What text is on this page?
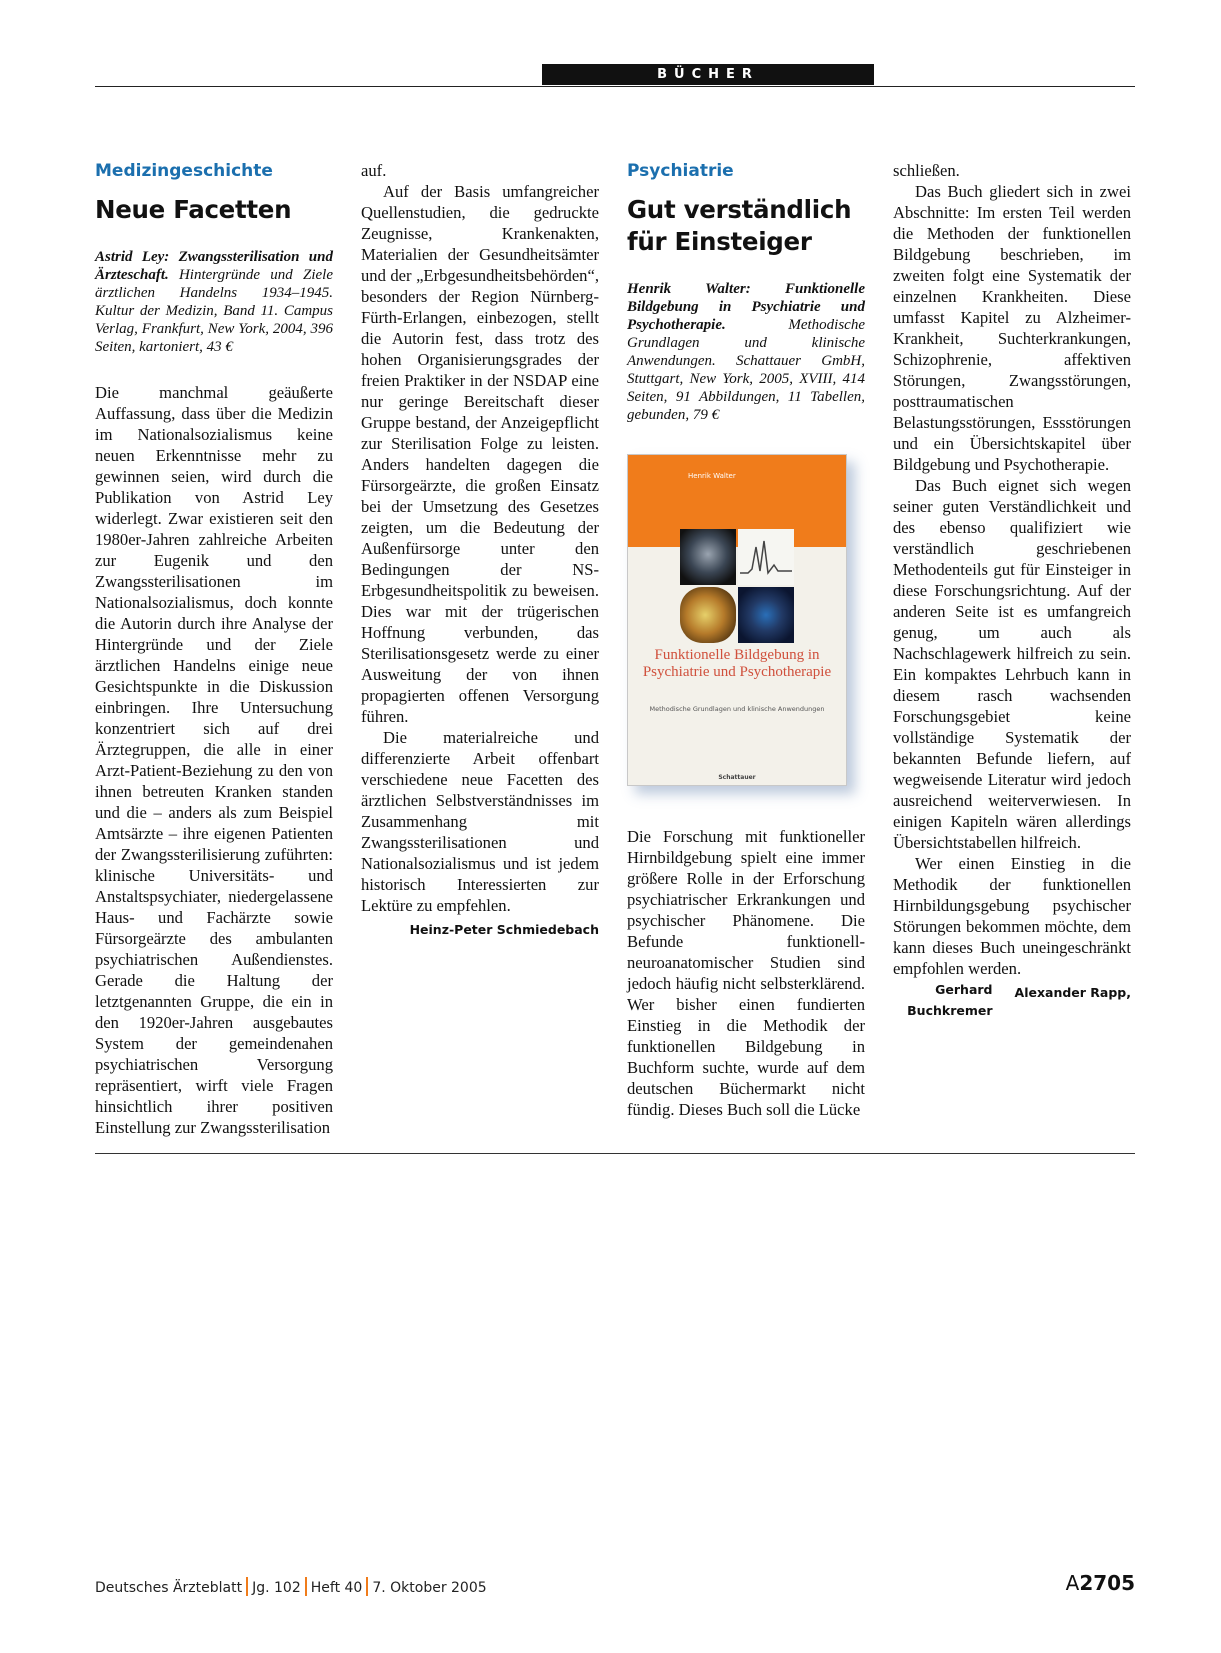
BÜCHER
Medizingeschichte
Neue Facetten
Astrid Ley: Zwangssterilisation und Ärzteschaft. Hintergründe und Ziele ärztlichen Handelns 1934–1945. Kultur der Medizin, Band 11. Campus Verlag, Frankfurt, New York, 2004, 396 Seiten, kartoniert, 43 €

Die manchmal geäußerte Auffassung, dass über die Medizin im Nationalsozialismus keine neuen Erkenntnisse mehr zu gewinnen seien, wird durch die Publikation von Astrid Ley widerlegt. Zwar existieren seit den 1980er-Jahren zahlreiche Arbeiten zur Eugenik und den Zwangssterilisationen im Nationalsozialismus, doch konnte die Autorin durch ihre Analyse der Hintergründe und der Ziele ärztlichen Handelns einige neue Gesichtspunkte in die Diskussion einbringen. Ihre Untersuchung konzentriert sich auf drei Ärztegruppen, die alle in einer Arzt-Patient-Beziehung zu den von ihnen betreuten Kranken standen und die – anders als zum Beispiel Amtsärzte – ihre eigenen Patienten der Zwangssterilisierung zuführten: klinische Universitäts- und Anstaltspsychiater, niedergelassene Haus- und Fachärzte sowie Fürsorgeärzte des ambulanten psychiatrischen Außendienstes. Gerade die Haltung der letztgenannten Gruppe, die ein in den 1920er-Jahren ausgebautes System der gemeindenahen psychiatrischen Versorgung repräsentiert, wirft viele Fragen hinsichtlich ihrer positiven Einstellung zur Zwangssterilisation

auf.

Auf der Basis umfangreicher Quellenstudien, die gedruckte Zeugnisse, Krankenakten, Materialien der Gesundheitsämter und der „Erbgesundheitsbehörden“, besonders der Region Nürnberg-Fürth-Erlangen, einbezogen, stellt die Autorin fest, dass trotz des hohen Organisierungsgrades der freien Praktiker in der NSDAP eine nur geringe Bereitschaft dieser Gruppe bestand, der Anzeigepflicht zur Sterilisation Folge zu leisten. Anders handelten dagegen die Fürsorgeärzte, die großen Einsatz bei der Umsetzung des Gesetzes zeigten, um die Bedeutung der Außenfürsorge unter den Bedingungen der NS-Erbgesundheitspolitik zu beweisen. Dies war mit der trügerischen Hoffnung verbunden, das Sterilisationsgesetz werde zu einer Ausweitung der von ihnen propagierten offenen Versorgung führen.

Die materialreiche und differenzierte Arbeit offenbart verschiedene neue Facetten des ärztlichen Selbstverständnisses im Zusammenhang mit Zwangssterilisationen und Nationalsozialismus und ist jedem historisch Interessierten zur Lektüre zu empfehlen.
Heinz-Peter Schmiedebach

Psychiatrie
Gut verständlich für Einsteiger
Henrik Walter: Funktionelle Bildgebung in Psychiatrie und Psychotherapie. Methodische Grundlagen und klinische Anwendungen. Schattauer GmbH, Stuttgart, New York, 2005, XVIII, 414 Seiten, 91 Abbildungen, 11 Tabellen, gebunden, 79 €
Henrik Walter
Funktionelle Bildgebung in Psychiatrie und Psychotherapie
Methodische Grundlagen und klinische Anwendungen
Schattauer

Die Forschung mit funktioneller Hirnbildgebung spielt eine immer größere Rolle in der Erforschung psychiatrischer Erkrankungen und psychischer Phänomene. Die Befunde funktionell-neuroanatomischer Studien sind jedoch häufig nicht selbsterklärend. Wer bisher einen fundierten Einstieg in die Methodik der funktionellen Bildgebung in Buchform suchte, wurde auf dem deutschen Büchermarkt nicht fündig. Dieses Buch soll die Lücke

schließen.

Das Buch gliedert sich in zwei Abschnitte: Im ersten Teil werden die Methoden der funktionellen Bildgebung beschrieben, im zweiten folgt eine Systematik der einzelnen Krankheiten. Diese umfasst Kapitel zu Alzheimer-Krankheit, Suchterkrankungen, Schizophrenie, affektiven Störungen, Zwangsstörungen, posttraumatischen Belastungsstörungen, Essstörungen und ein Übersichtskapitel über Bildgebung und Psychotherapie.

Das Buch eignet sich wegen seiner guten Verständlichkeit und des ebenso qualifiziert wie verständlich geschriebenen Methodenteils gut für Einsteiger in diese Forschungsrichtung. Auf der anderen Seite ist es umfangreich genug, um auch als Nachschlagewerk hilfreich zu sein. Ein kompaktes Lehrbuch kann in diesem rasch wachsenden Forschungsgebiet keine vollständige Systematik der bekannten Befunde liefern, auf wegweisende Literatur wird jedoch ausreichend weiterverwiesen. In einigen Kapiteln wären allerdings Übersichtstabellen hilfreich.

Wer einen Einstieg in die Methodik der funktionellen Hirnbildungsgebung psychischer Störungen bekommen möchte, dem kann dieses Buch uneingeschränkt empfohlen werden.
Alexander Rapp,

Gerhard Buchkremer
Deutsches Ärzteblatt Jg. 102 Heft 40 7. Oktober 2005	A2705
